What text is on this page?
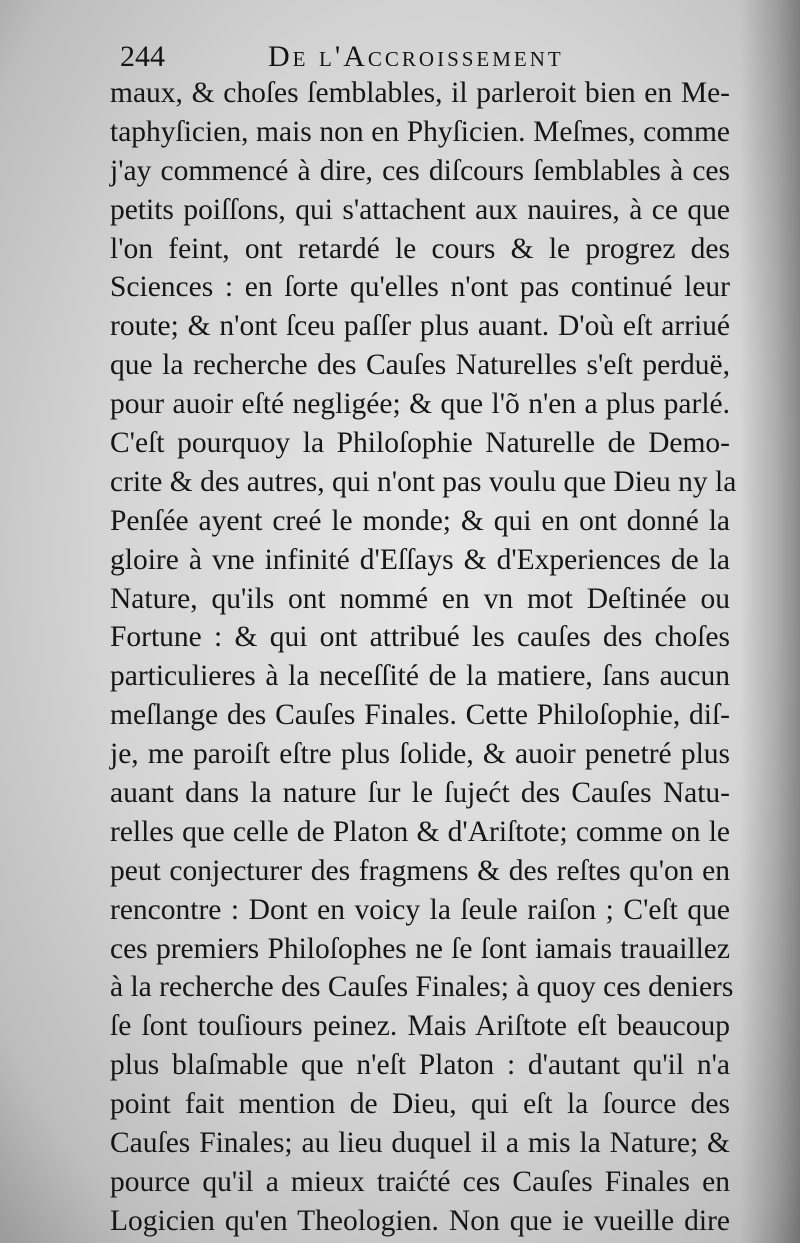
244	De l'Accroissement
maux, & choſes ſemblables, il parleroit bien en Me-
taphyſicien, mais non en Phyſicien. Meſmes, comme
j'ay commencé à dire, ces diſcours ſemblables à ces
petits poiſſons, qui s'attachent aux nauires, à ce que
l'on feint, ont retardé le cours & le progrez des
Sciences : en ſorte qu'elles n'ont pas continué leur
route; & n'ont ſceu paſſer plus auant. D'où eſt arriué
que la recherche des Cauſes Naturelles s'eſt perduë,
pour auoir eſté negligée; & que l'õ n'en a plus parlé.
C'eſt pourquoy la Philoſophie Naturelle de Demo-
crite & des autres, qui n'ont pas voulu que Dieu ny la
Penſée ayent creé le monde; & qui en ont donné la
gloire à vne infinité d'Eſſays & d'Experiences de la
Nature, qu'ils ont nommé en vn mot Deſtinée ou
Fortune : & qui ont attribué les cauſes des choſes
particulieres à la neceſſité de la matiere, ſans aucun
meſlange des Cauſes Finales. Cette Philoſophie, diſ-
je, me paroiſt eſtre plus ſolide, & auoir penetré plus
auant dans la nature ſur le ſujećt des Cauſes Natu-
relles que celle de Platon & d'Ariſtote; comme on le
peut conjecturer des fragmens & des reſtes qu'on en
rencontre : Dont en voicy la ſeule raiſon ; C'eſt que
ces premiers Philoſophes ne ſe ſont iamais trauaillez
à la recherche des Cauſes Finales; à quoy ces deniers
ſe ſont touſiours peinez. Mais Ariſtote eſt beaucoup
plus blaſmable que n'eſt Platon : d'autant qu'il n'a
point fait mention de Dieu, qui eſt la ſource des
Cauſes Finales; au lieu duquel il a mis la Nature; &
pource qu'il a mieux traićté ces Cauſes Finales en
Logicien qu'en Theologien. Non que ie vueille dire
